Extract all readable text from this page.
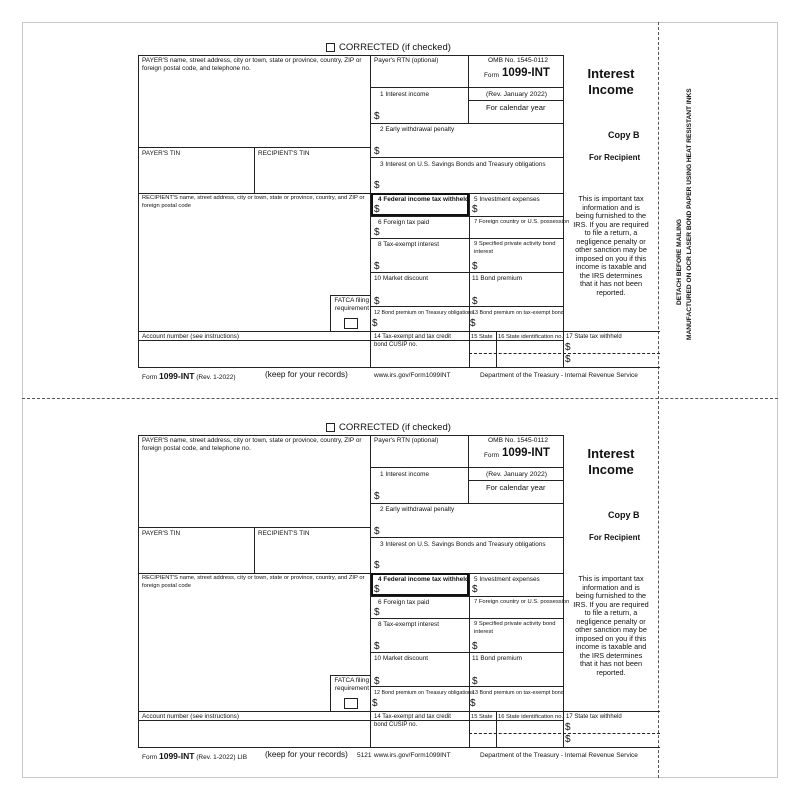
DETACH BEFORE MAILING MANUFACTURED ON OCR LASER BOND PAPER USING HEAT RESISTANT INKS
CORRECTED (if checked)
PAYER'S name, street address, city or town, state or province, country, ZIP or foreign postal code, and telephone no.
PAYER'S TIN	RECIPIENT'S TIN
RECIPIENT'S name, street address, city or town, state or province, country, and ZIP or foreign postal code
Account number (see instructions)
FATCA filing requirement
Payer's RTN (optional)
1 Interest income
$
2 Early withdrawal penalty
$
3 Interest on U.S. Savings Bonds and Treasury obligations
$
OMB No. 1545-0112
Form 1099-INT
(Rev. January 2022)
For calendar year
4 Federal income tax withheld
$
5 Investment expenses
$
6 Foreign tax paid
$
7 Foreign country or U.S. possession
8 Tax-exempt interest
$
9 Specified private activity bond interest
$
10 Market discount
$
11 Bond premium
$
12 Bond premium on Treasury obligations
$
13 Bond premium on tax-exempt bond
$
14 Tax-exempt and tax credit bond CUSIP no.
15 State 16 State identification no. 17 State tax withheld
$
$
Interest
Income
Copy B
For Recipient
This is important tax information and is being furnished to the IRS. If you are required to file a return, a negligence penalty or other sanction may be imposed on you if this income is taxable and the IRS determines that it has not been reported.
Form 1099-INT (Rev. 1-2022)	(keep for your records)	www.irs.gov/Form1099INT	Department of the Treasury - Internal Revenue Service
CORRECTED (if checked)
PAYER'S name, street address, city or town, state or province, country, ZIP or foreign postal code, and telephone no.
PAYER'S TIN	RECIPIENT'S TIN
RECIPIENT'S name, street address, city or town, state or province, country, and ZIP or foreign postal code
Account number (see instructions)
FATCA filing requirement
Payer's RTN (optional)
1 Interest income
$
2 Early withdrawal penalty
$
3 Interest on U.S. Savings Bonds and Treasury obligations
$
OMB No. 1545-0112
Form 1099-INT
(Rev. January 2022)
For calendar year
4 Federal income tax withheld
$
5 Investment expenses
$
6 Foreign tax paid
$
7 Foreign country or U.S. possession
8 Tax-exempt interest
$
9 Specified private activity bond interest
$
10 Market discount
$
11 Bond premium
$
12 Bond premium on Treasury obligations
$
13 Bond premium on tax-exempt bond
$
14 Tax-exempt and tax credit bond CUSIP no.
15 State 16 State identification no. 17 State tax withheld
$
$
Interest
Income
Copy B
For Recipient
This is important tax information and is being furnished to the IRS. If you are required to file a return, a negligence penalty or other sanction may be imposed on you if this income is taxable and the IRS determines that it has not been reported.
Form 1099-INT (Rev. 1-2022) LIB (keep for your records) 5121 www.irs.gov/Form1099INT	Department of the Treasury - Internal Revenue Service
